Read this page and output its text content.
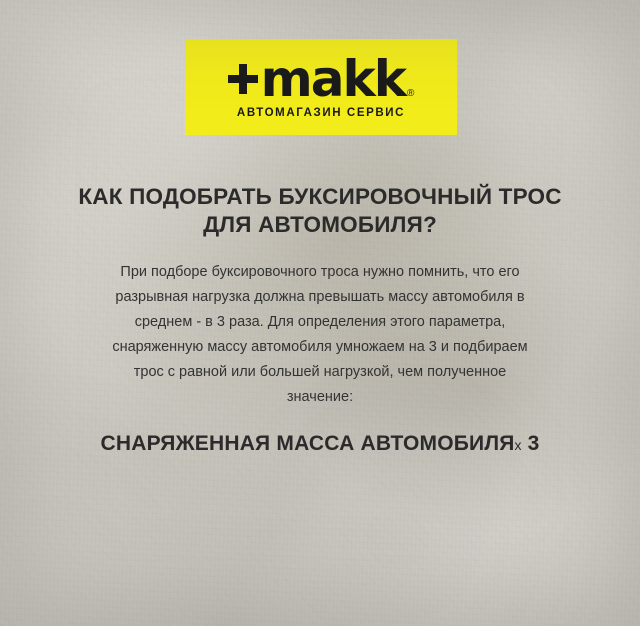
makk ®
АВТОМАГАЗИН СЕРВИС
КАК ПОДОБРАТЬ БУКСИРОВОЧНЫЙ ТРОС
ДЛЯ АВТОМОБИЛЯ?
При подборе буксировочного троса нужно помнить, что его
разрывная нагрузка должна превышать массу автомобиля в
среднем - в 3 раза. Для определения этого параметра,
снаряженную массу автомобиля умножаем на 3 и подбираем
трос с равной или большей нагрузкой, чем полученное
значение:
СНАРЯЖЕННАЯ МАССА АВТОМОБИЛЯx 3
